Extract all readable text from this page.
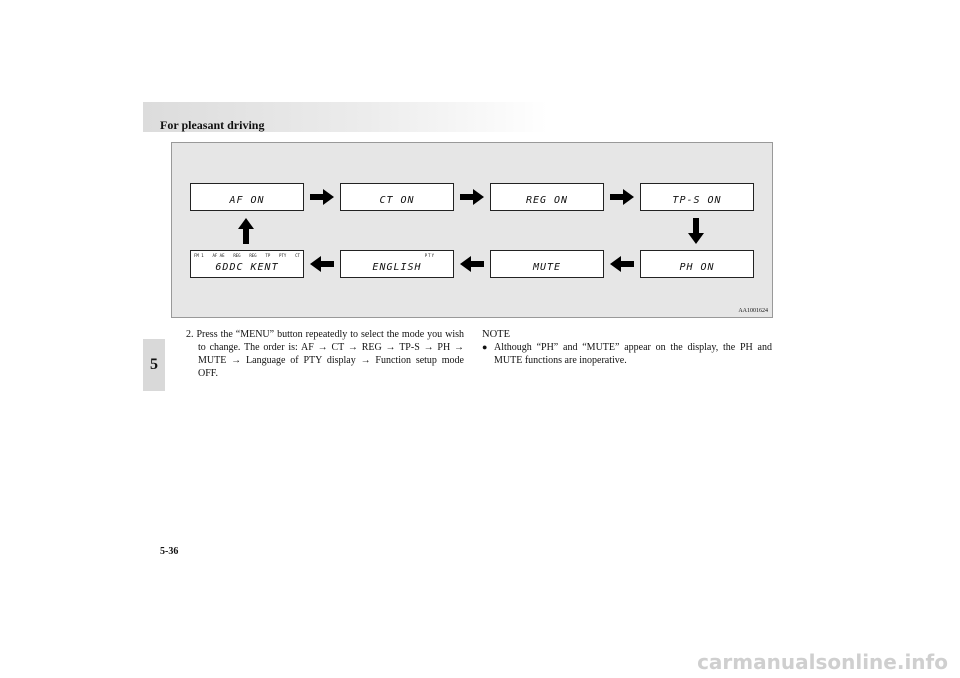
For pleasant driving
5
AF ON	CT ON	REG ON	TP-S ON
FM 1 AF AE REG REG TP PTY CT
6DDC KENT
PTY
ENGLISH	MUTE	PH ON
AA1001624
2. Press the “MENU” button repeatedly to select the mode you wish to change. The order is: AF → CT → REG → TP-S → PH → MUTE → Language of PTY display → Function setup mode OFF.
NOTE
● Although “PH” and “MUTE” appear on the display, the PH and MUTE functions are inoperative.
5-36
carmanualsonline.info
